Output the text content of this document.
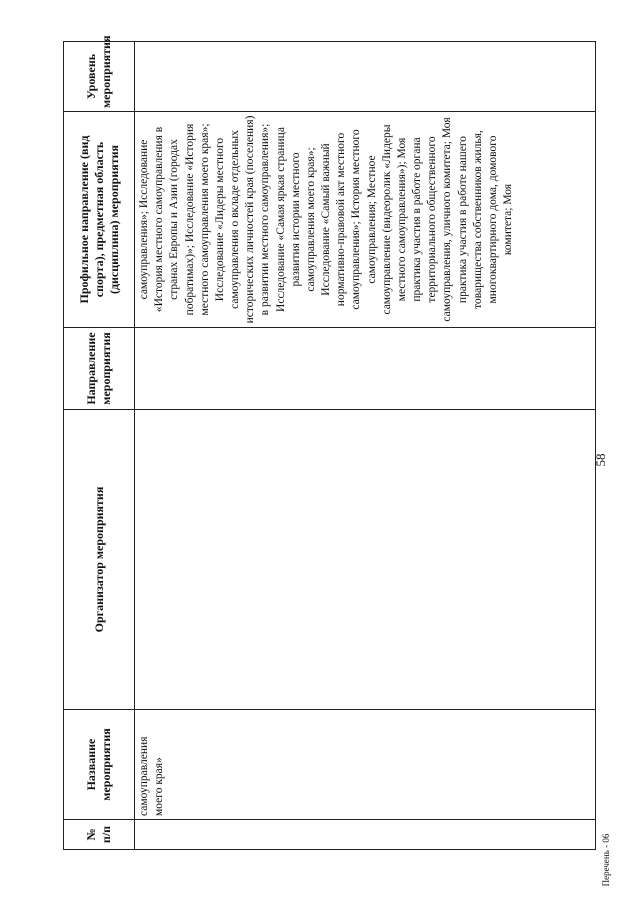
58
№ п/п	Название мероприятия	Организатор мероприятия	Направление мероприятия	Профильное направление (вид спорта), предметная область (дисциплина) мероприятия	Уровень мероприятия
	самоуправления моего края»			самоуправления»; Исследование «История местного самоуправления в странах Европы и Азии (городах побратимах)»; Исследование «История местного самоуправления моего края»; Исследование «Лидеры местного самоуправления о вкладе отдельных исторических личностей края (поселения) в развитии местного самоуправления»; Исследование «Самая яркая страница развития истории местного самоуправления моего края»; Исследование «Самый важный нормативно-правовой акт местного самоуправления»; История местного самоуправления; Местное самоуправление (видеоролик «Лидеры местного самоуправления»); Моя практика участия в работе органа территориального общественного самоуправления, уличного комитета; Моя практика участия в работе нашего товарищества собственников жилья, многоквартирного дома, домового комитета; Моя	
Перечень - 06
